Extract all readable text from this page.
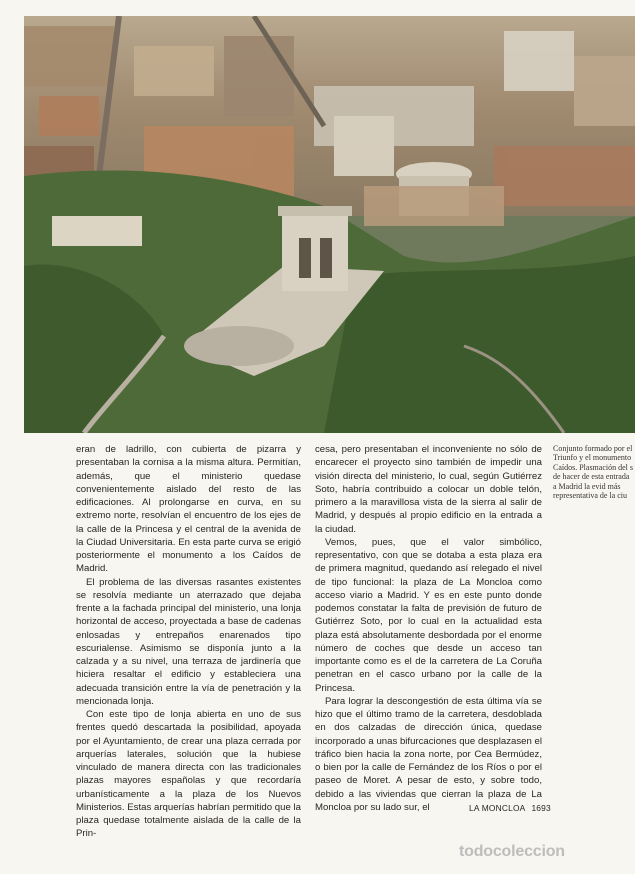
eran de ladrillo, con cubierta de pizarra y presentaban la cornisa a la misma altura. Permitían, además, que el ministerio quedase convenientemente aislado del resto de las edificaciones. Al prolongarse en curva, en su extremo norte, resolvían el encuentro de los ejes de la calle de la Princesa y el central de la avenida de la Ciudad Universitaria. En esta parte curva se erigió posteriormente el monumento a los Caídos de Madrid.

El problema de las diversas rasantes existentes se resolvía mediante un aterrazado que dejaba frente a la fachada principal del ministerio, una lonja horizontal de acceso, proyectada a base de cadenas enlosadas y entrepaños enarenados tipo escurialense. Asimismo se disponía junto a la calzada y a su nivel, una terraza de jardinería que hiciera resaltar el edificio y estableciera una adecuada transición entre la vía de penetración y la mencionada lonja.

Con este tipo de lonja abierta en uno de sus frentes quedó descartada la posibilidad, apoyada por el Ayuntamiento, de crear una plaza cerrada por arquerías laterales, solución que la hubiese vinculado de manera directa con las tradicionales plazas mayores españolas y que recordaría urbanísticamente a la plaza de los Nuevos Ministerios. Estas arquerías habrían permitido que la plaza quedase totalmente aislada de la calle de la Prin-

cesa, pero presentaban el inconveniente no sólo de encarecer el proyecto sino también de impedir una visión directa del ministerio, lo cual, según Gutiérrez Soto, habría contribuido a colocar un doble telón, primero a la maravillosa vista de la sierra al salir de Madrid, y después al propio edificio en la entrada a la ciudad.

Vemos, pues, que el valor simbólico, representativo, con que se dotaba a esta plaza era de primera magnitud, quedando así relegado el nivel de tipo funcional: la plaza de La Moncloa como acceso viario a Madrid. Y es en este punto donde podemos constatar la falta de previsión de futuro de Gutiérrez Soto, por lo cual en la actualidad esta plaza está absolutamente desbordada por el enorme número de coches que desde un acceso tan importante como es el de la carretera de La Coruña penetran en el casco urbano por la calle de la Princesa.

Para lograr la descongestión de esta última vía se hizo que el último tramo de la carretera, desdoblada en dos calzadas de dirección única, quedase incorporado a unas bifurcaciones que desplazasen el tráfico bien hacia la zona norte, por Cea Bermúdez, o bien por la calle de Fernández de los Ríos o por el paseo de Moret. A pesar de esto, y sobre todo, debido a las viviendas que cierran la plaza de La Moncloa por su lado sur, el

Conjunto formado por el
Triunfo y el monumento
Caídos. Plasmación del s
de hacer de esta entrada
a Madrid la evid más
representativa de la ciu
LA MONCLOA 1693
todocoleccion
